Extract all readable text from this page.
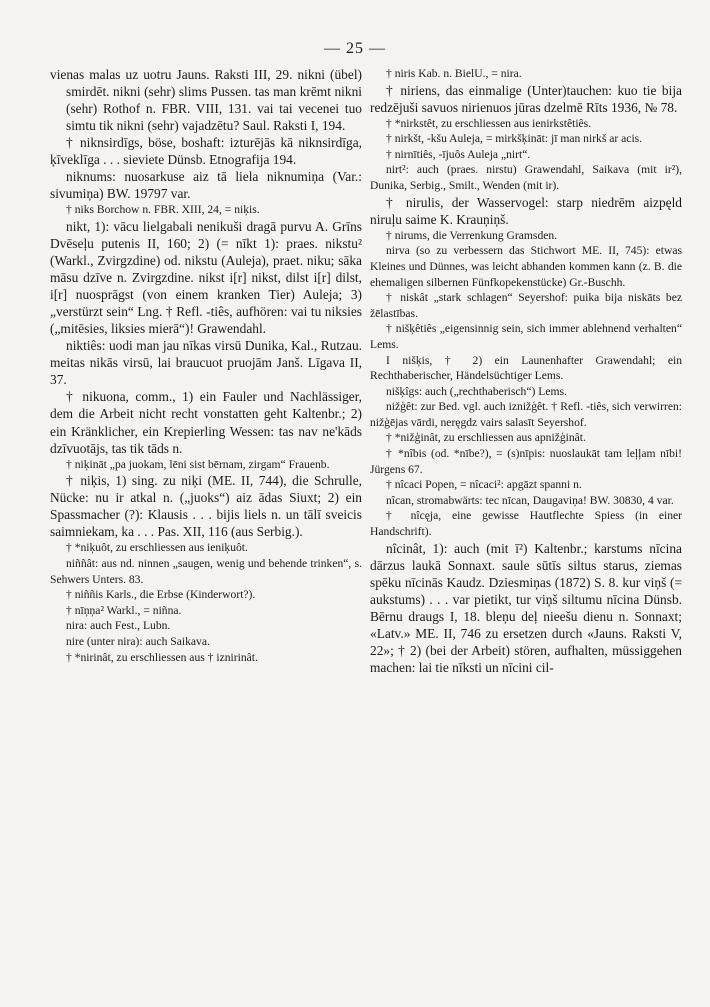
— 25 —

vienas malas uz uotru Jauns. Raksti III, 29. nikni (übel) smirdēt. nikni (sehr) slims Pussen. tas man krēmt nikni (sehr) Rothof n. FBR. VIII, 131. vai tai vecenei tuo simtu tik nikni (sehr) vajadzētu? Saul. Raksti I, 194.

† niknsirdīgs, böse, boshaft: izturējās kā niknsirdīga, ķīveklīga . . . sieviete Dünsb. Etnografija 194.

niknums: nuosarkuse aiz tā liela niknumiņa (Var.: sivumiņa) BW. 19797 var.

† niks Borchow n. FBR. XIII, 24, = niķis.

nikt, 1): vācu lielgabali nenikuši dragā purvu A. Grīns Dvēseļu putenis II, 160; 2) (= nīkt 1): praes. nikstu² (Warkl., Zvirgzdine) od. nikstu (Auleja), praet. niku; sāka māsu dzīve n. Zvirgzdine. nikst i[r] nikst, dilst i[r] dilst, i[r] nuosprāgst (von einem kranken Tier) Auleja; 3) „verstürzt sein“ Lng. † Refl. -tiês, aufhören: vai tu niksies („mitēsies, liksies mierā“)! Grawendahl.

niktiês: uodi man jau nīkas virsū Dunika, Kal., Rutzau. meitas nikās virsū, lai braucuot pruojām Janš. Līgava II, 37.

† nikuona, comm., 1) ein Fauler und Nachlässiger, dem die Arbeit nicht recht vonstatten geht Kaltenbr.; 2) ein Kränklicher, ein Krepierling Wessen: tas nav ne'kāds dzīvuotājs, tas tik tāds n.

† niķināt „pa juokam, lēni sist bērnam, zirgam“ Frauenb.

† niķis, 1) sing. zu niķi (ME. II, 744), die Schrulle, Nücke: nu ir atkal n. („juoks“) aiz ādas Siuxt; 2) ein Spassmacher (?): Klausis . . . bijis liels n. un tālī sveicis saimniekam, ka . . . Pas. XII, 116 (aus Serbig.).

† *niķuôt, zu erschliessen aus ieniķuôt.

niññât: aus nd. ninnen „saugen, wenig und behende trinken“, s. Sehwers Unters. 83.

† niññis Karls., die Erbse (Kinderwort?).

† nīņņa² Warkl., = niñna.

nira: auch Fest., Lubn.

nire (unter nira): auch Saikava.

† *nirinât, zu erschliessen aus † iznirinât.

† niris Kab. n. BielU., = nira.

† niriens, das einmalige (Unter)tauchen: kuo tie bija redzējuši savuos nirienuos jūras dzelmē Rīts 1936, № 78.

† *nirkstêt, zu erschliessen aus ienirkstêtiês.

† nirkšt, -kšu Auleja, = mirkšķināt: jī man nirkš ar acis.

† nirnītiês, -ījuôs Auleja „nirt“.

nirt²: auch (praes. nirstu) Grawendahl, Saikava (mit ir²), Dunika, Serbig., Smilt., Wenden (mit ir).

† nirulis, der Wasservogel: starp niedrēm aizpęld niruļu saime K. Krauņiņš.

† nirums, die Verrenkung Gramsden.

nirva (so zu verbessern das Stichwort ME. II, 745): etwas Kleines und Dünnes, was leicht abhanden kommen kann (z. B. die ehemaligen silbernen Fünfkopekenstücke) Gr.-Buschh.

† niskât „stark schlagen“ Seyershof: puika bija niskāts bez žēlastības.

† nišķêtiês „eigensinnig sein, sich immer ablehnend verhalten“ Lems.

I nišķis, † 2) ein Launenhafter Grawendahl; ein Rechthaberischer, Händelsüchtiger Lems.

nišķîgs: auch („rechthaberisch“) Lems.

nižģêt: zur Bed. vgl. auch iznižģêt. † Refl. -tiês, sich verwirren: nižģējas vārdi, neręgdz vairs salasīt Seyershof.

† *nižģinât, zu erschliessen aus apnižģinât.

† *nîbis (od. *nībe?), = (s)nīpis: nuoslaukāt tam leļļam nībi! Jürgens 67.

† nîcaci Popen, = nîcaci²: apgāzt spanni n.

nîcan, stromabwärts: tec nīcan, Daugaviņa! BW. 30830, 4 var.

† nîcęja, eine gewisse Hautflechte Spiess (in einer Handschrift).

nîcinât, 1): auch (mit ī²) Kaltenbr.; karstums nīcina dārzus laukā Sonnaxt. saule sūtīs siltus starus, ziemas spēku nīcinās Kaudz. Dziesmiņas (1872) S. 8. kur viņš (= aukstums) . . . var pietikt, tur viņš siltumu nīcina Dünsb. Bērnu draugs I, 18. bleņu deļ nieešu dienu n. Sonnaxt; «Latv.» ME. II, 746 zu ersetzen durch «Jauns. Raksti V, 22»; † 2) (bei der Arbeit) stören, aufhalten, müssiggehen machen: lai tie nīksti un nīcini cil-
